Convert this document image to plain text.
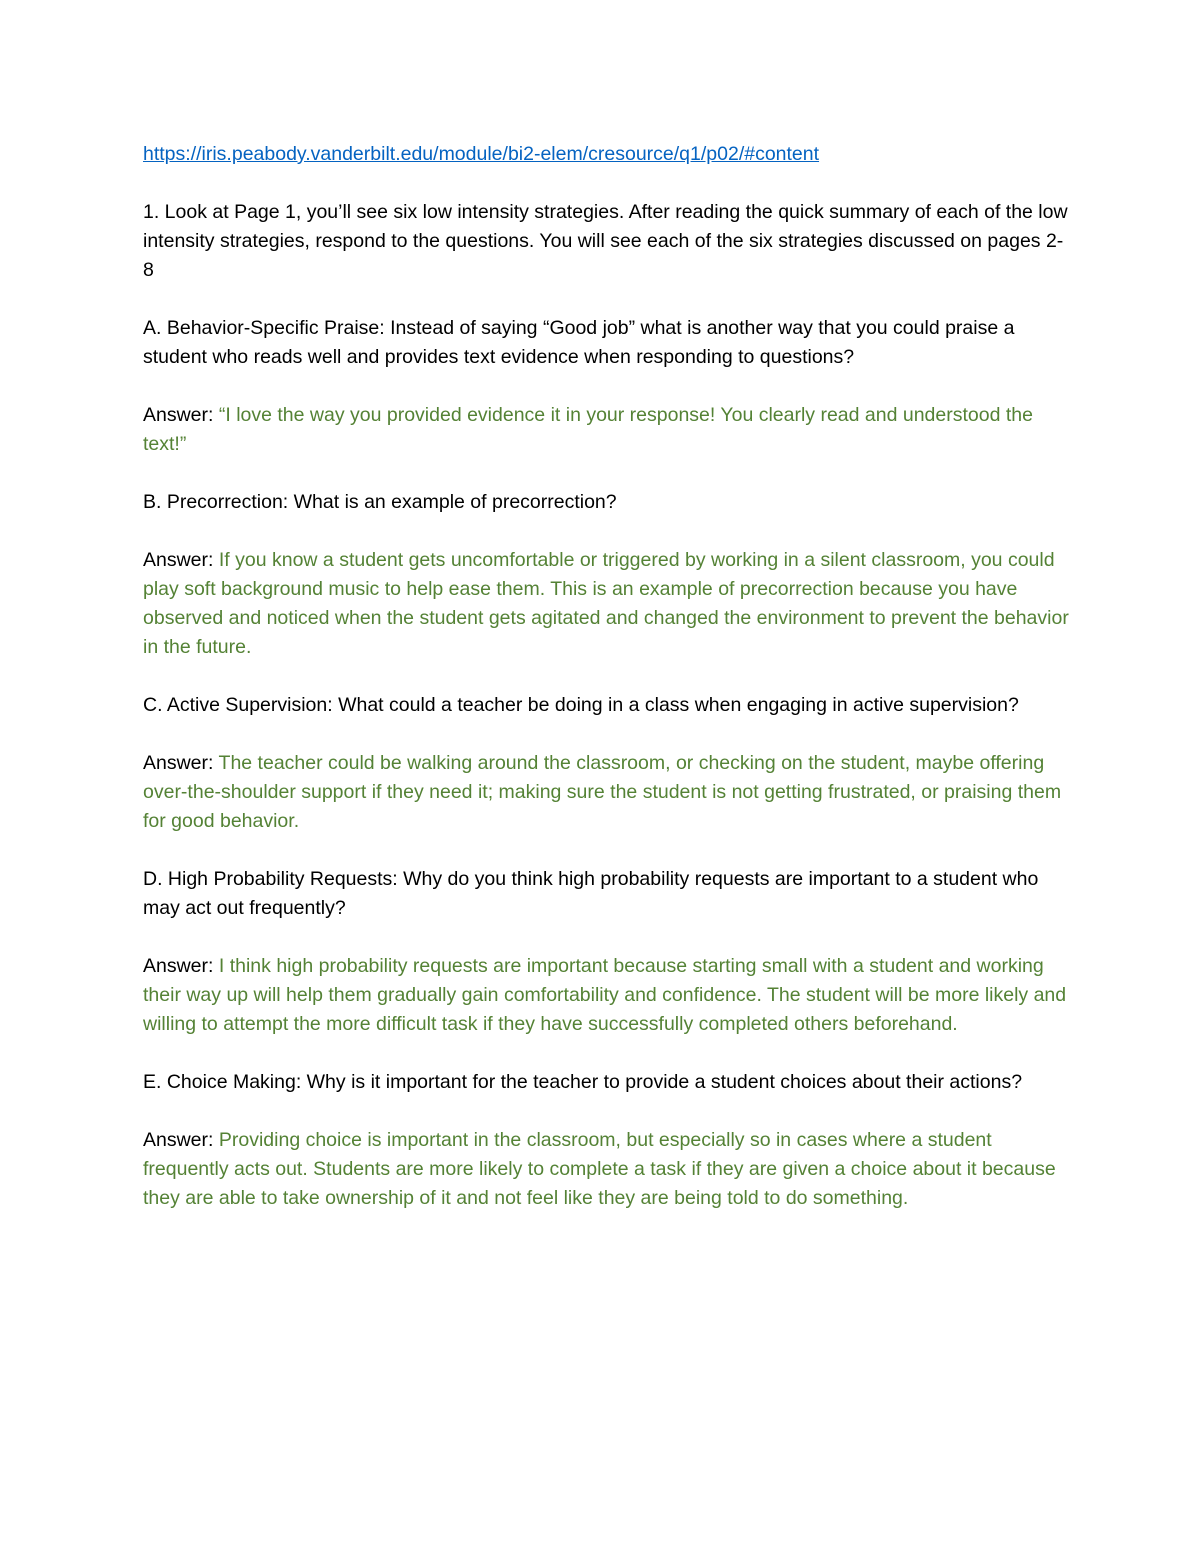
https://iris.peabody.vanderbilt.edu/module/bi2-elem/cresource/q1/p02/#content

1. Look at Page 1, you’ll see six low intensity strategies. After reading the quick summary of each of the low intensity strategies, respond to the questions. You will see each of the six strategies discussed on pages 2-8

A. Behavior-Specific Praise: Instead of saying “Good job” what is another way that you could praise a student who reads well and provides text evidence when responding to questions?

Answer: “I love the way you provided evidence it in your response! You clearly read and understood the text!”

B. Precorrection: What is an example of precorrection?

Answer: If you know a student gets uncomfortable or triggered by working in a silent classroom, you could play soft background music to help ease them. This is an example of precorrection because you have observed and noticed when the student gets agitated and changed the environment to prevent the behavior in the future.

C. Active Supervision: What could a teacher be doing in a class when engaging in active supervision?

Answer: The teacher could be walking around the classroom, or checking on the student, maybe offering over-the-shoulder support if they need it; making sure the student is not getting frustrated, or praising them for good behavior.

D. High Probability Requests: Why do you think high probability requests are important to a student who may act out frequently?

Answer: I think high probability requests are important because starting small with a student and working their way up will help them gradually gain comfortability and confidence. The student will be more likely and willing to attempt the more difficult task if they have successfully completed others beforehand.

E. Choice Making: Why is it important for the teacher to provide a student choices about their actions?

Answer: Providing choice is important in the classroom, but especially so in cases where a student frequently acts out. Students are more likely to complete a task if they are given a choice about it because they are able to take ownership of it and not feel like they are being told to do something.
